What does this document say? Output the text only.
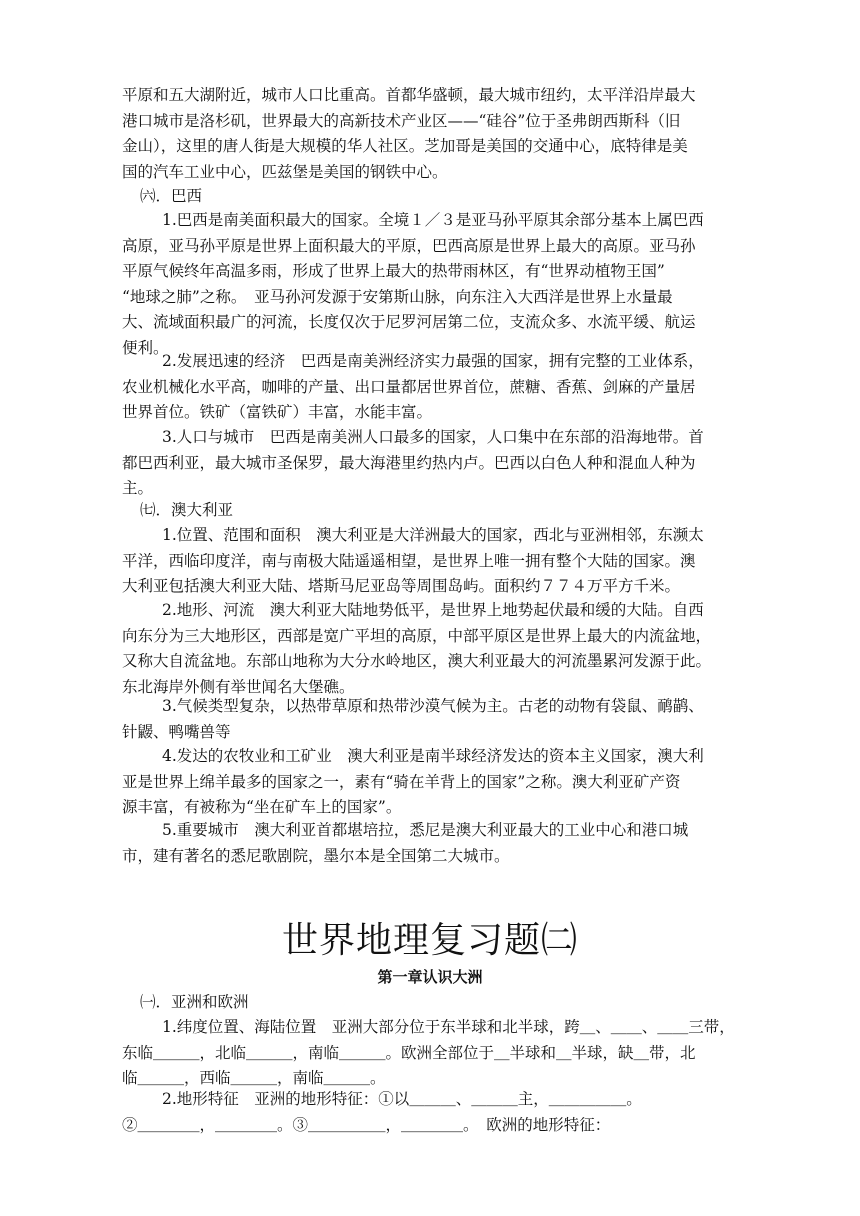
平原和五大湖附近，城市人口比重高。首都华盛顿，最大城市纽约，太平洋沿岸最大
港口城市是洛杉矶，世界最大的高新技术产业区——“硅谷”位于圣弗朗西斯科（旧
金山），这里的唐人街是大规模的华人社区。芝加哥是美国的交通中心，底特律是美
国的汽车工业中心，匹兹堡是美国的钢铁中心。

㈥．巴西

1.巴西是南美面积最大的国家。全境１／３是亚马孙平原其余部分基本上属巴西
高原，亚马孙平原是世界上面积最大的平原，巴西高原是世界上最大的高原。亚马孙
平原气候终年高温多雨，形成了世界上最大的热带雨林区，有“世界动植物王国”
“地球之肺”之称。　亚马孙河发源于安第斯山脉，向东注入大西洋是世界上水量最
大、流域面积最广的河流，长度仅次于尼罗河居第二位，支流众多、水流平缓、航运
便利。

2.发展迅速的经济　巴西是南美洲经济实力最强的国家，拥有完整的工业体系，
农业机械化水平高，咖啡的产量、出口量都居世界首位，蔗糖、香蕉、剑麻的产量居
世界首位。铁矿（富铁矿）丰富，水能丰富。

3.人口与城市　巴西是南美洲人口最多的国家，人口集中在东部的沿海地带。首
都巴西利亚，最大城市圣保罗，最大海港里约热内卢。巴西以白色人种和混血人种为
主。

㈦．澳大利亚

1.位置、范围和面积　澳大利亚是大洋洲最大的国家，西北与亚洲相邻，东濒太
平洋，西临印度洋，南与南极大陆遥遥相望，是世界上唯一拥有整个大陆的国家。澳
大利亚包括澳大利亚大陆、塔斯马尼亚岛等周围岛屿。面积约７７４万平方千米。

2.地形、河流　澳大利亚大陆地势低平，是世界上地势起伏最和缓的大陆。自西
向东分为三大地形区，西部是宽广平坦的高原，中部平原区是世界上最大的内流盆地，
又称大自流盆地。东部山地称为大分水岭地区，澳大利亚最大的河流墨累河发源于此。
东北海岸外侧有举世闻名大堡礁。

3.气候类型复杂，以热带草原和热带沙漠气候为主。古老的动物有袋鼠、鸸鹋、
针鼹、鸭嘴兽等

4.发达的农牧业和工矿业　澳大利亚是南半球经济发达的资本主义国家，澳大利
亚是世界上绵羊最多的国家之一，素有“骑在羊背上的国家”之称。澳大利亚矿产资
源丰富，有被称为“坐在矿车上的国家”。

5.重要城市　澳大利亚首都堪培拉，悉尼是澳大利亚最大的工业中心和港口城
市，建有著名的悉尼歌剧院，墨尔本是全国第二大城市。

世界地理复习题㈡
第一章认识大洲
㈠．亚洲和欧洲

1.纬度位置、海陆位置　亚洲大部分位于东半球和北半球，跨＿、＿＿、＿＿三带，
东临＿＿＿，北临＿＿＿，南临＿＿＿。欧洲全部位于＿半球和＿半球，缺＿带，北
临＿＿＿，西临＿＿＿，南临＿＿＿。

2.地形特征　亚洲的地形特征：①以＿＿＿、＿＿＿主，＿＿＿＿＿。
②＿＿＿＿，＿＿＿＿。③＿＿＿＿＿，＿＿＿＿。　欧洲的地形特征：
